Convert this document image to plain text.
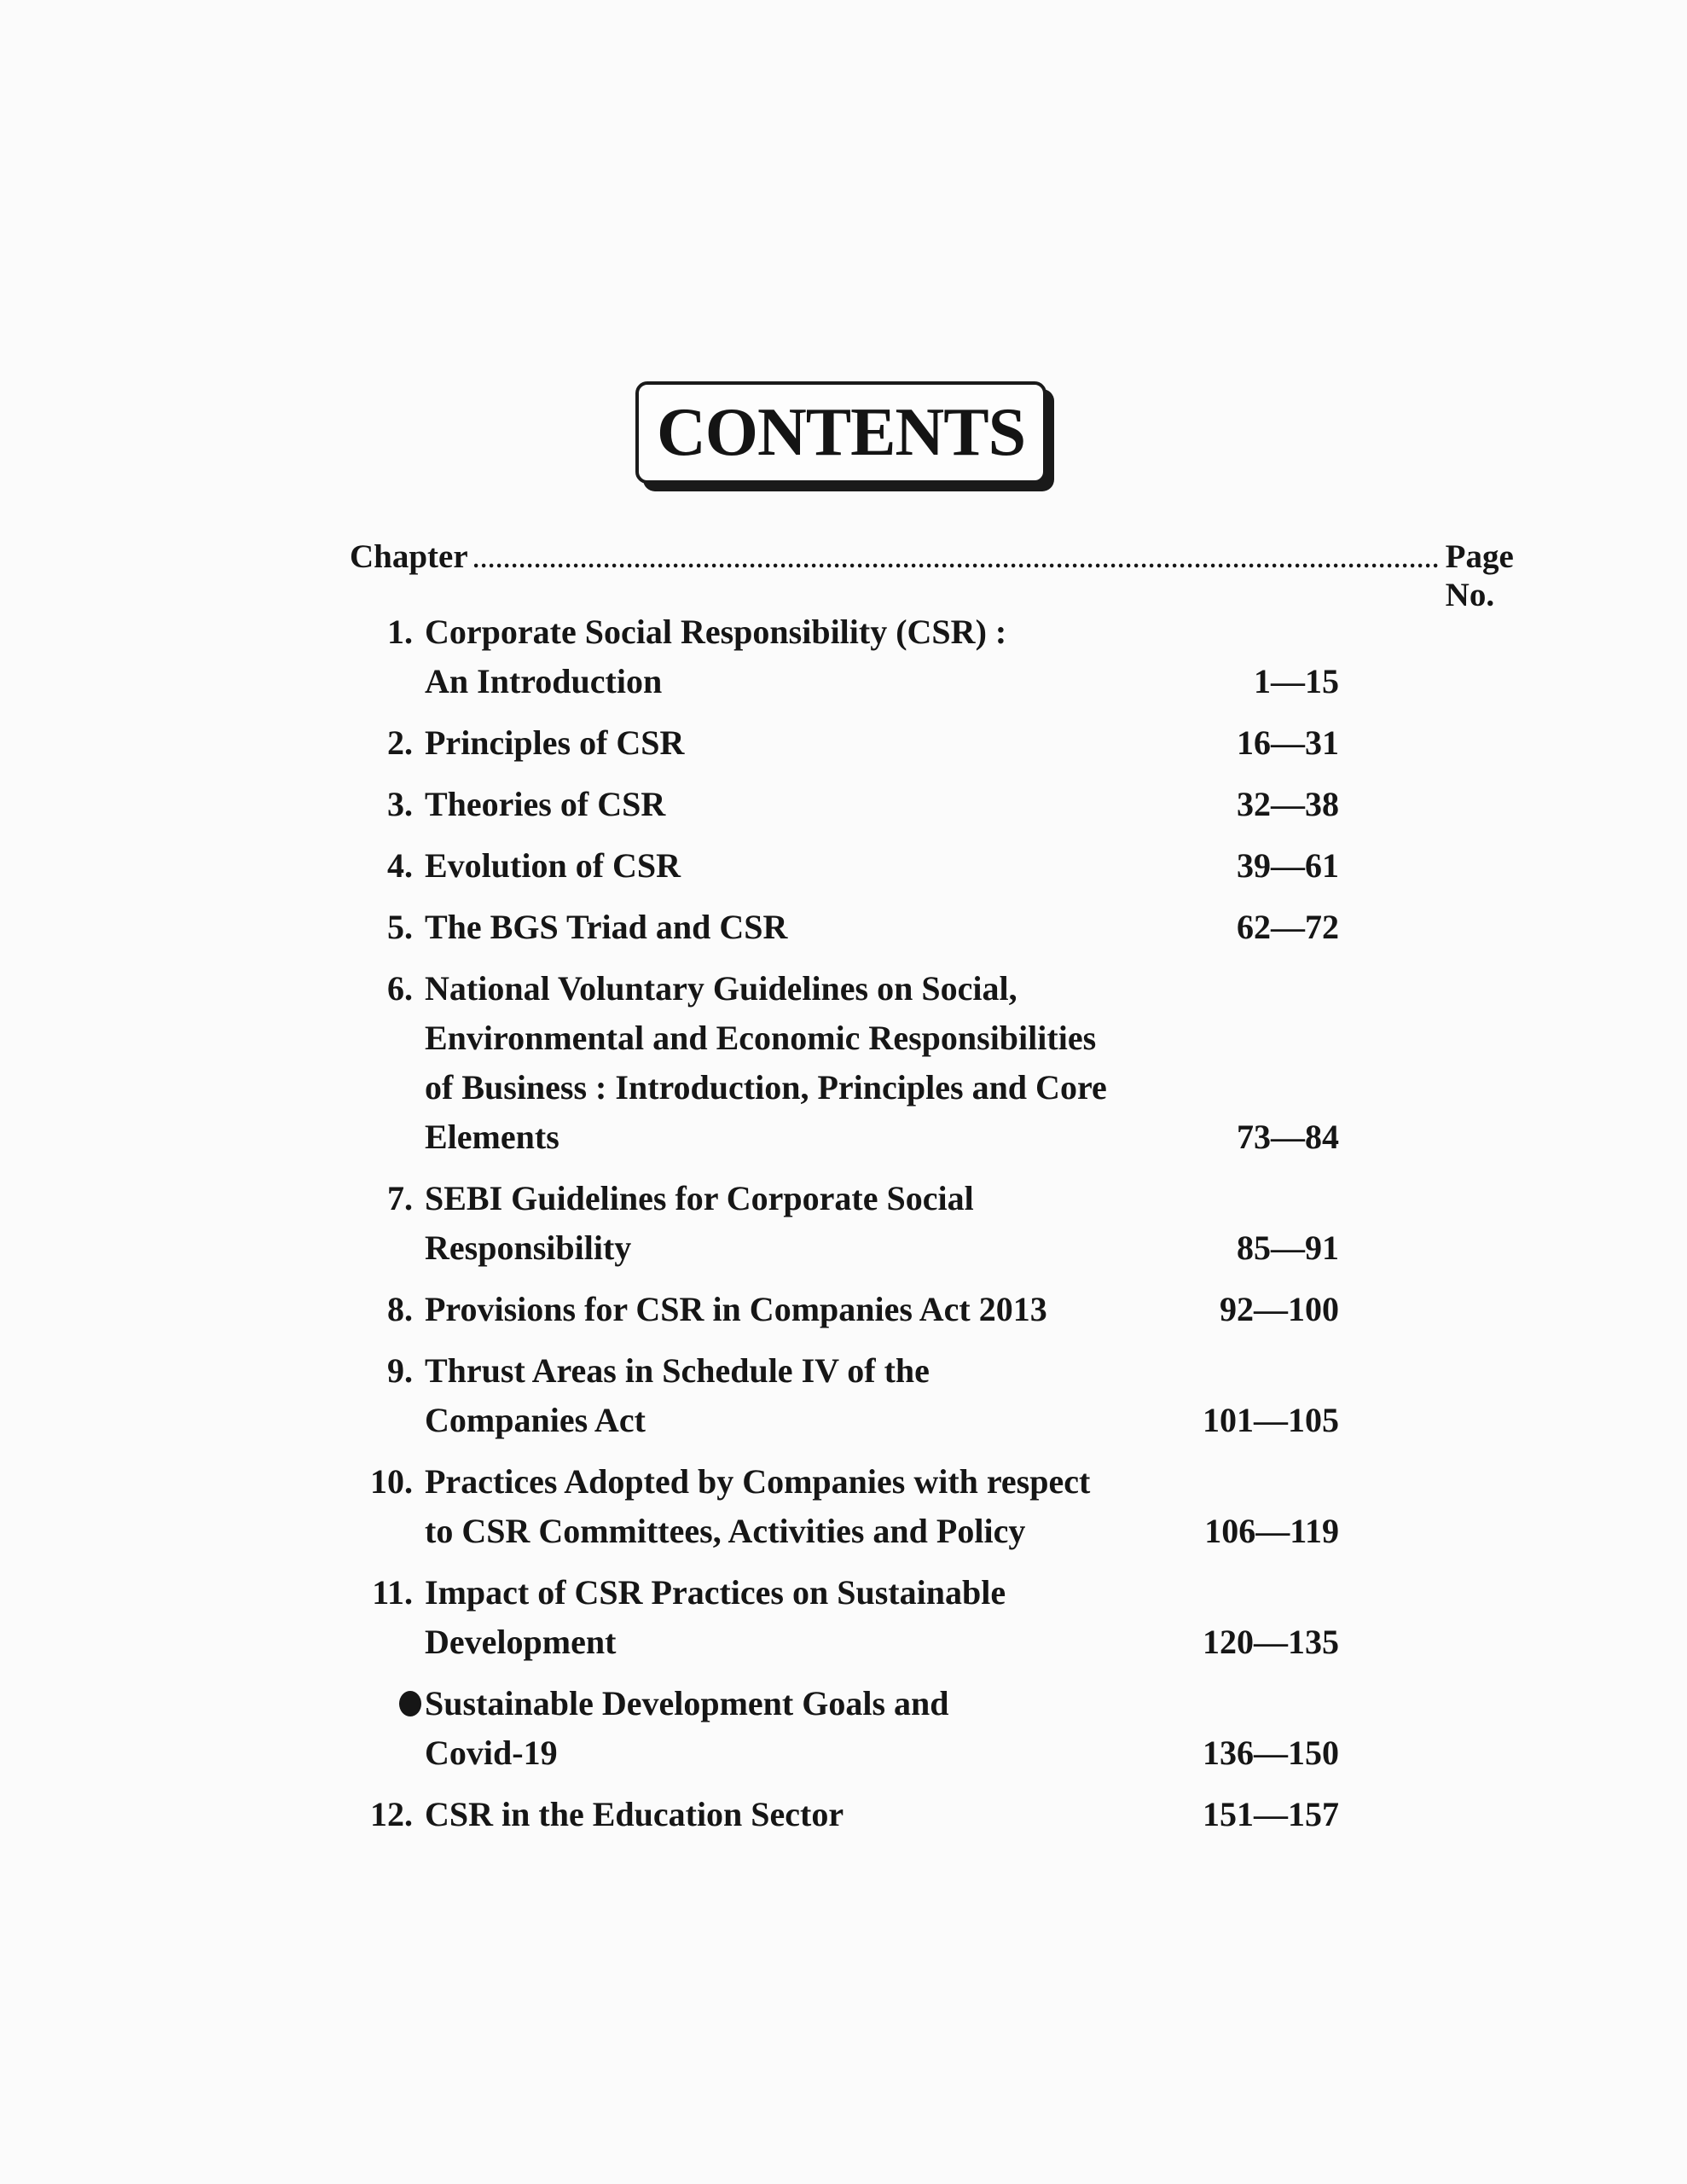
CONTENTS
Chapter .............................................................................................................................. Page No.
1. Corporate Social Responsibility (CSR) :
An Introduction	1—15
2. Principles of CSR	16—31
3. Theories of CSR	32—38
4. Evolution of CSR	39—61
5. The BGS Triad and CSR	62—72
6. National Voluntary Guidelines on Social,
Environmental and Economic Responsibilities
of Business : Introduction, Principles and Core
Elements	73—84
7. SEBI Guidelines for Corporate Social
Responsibility	85—91
8. Provisions for CSR in Companies Act 2013	92—100
9. Thrust Areas in Schedule IV of the
Companies Act	101—105
10. Practices Adopted by Companies with respect
to CSR Committees, Activities and Policy	106—119
11. Impact of CSR Practices on Sustainable
Development	120—135
Sustainable Development Goals and
Covid-19	136—150
12. CSR in the Education Sector	151—157
